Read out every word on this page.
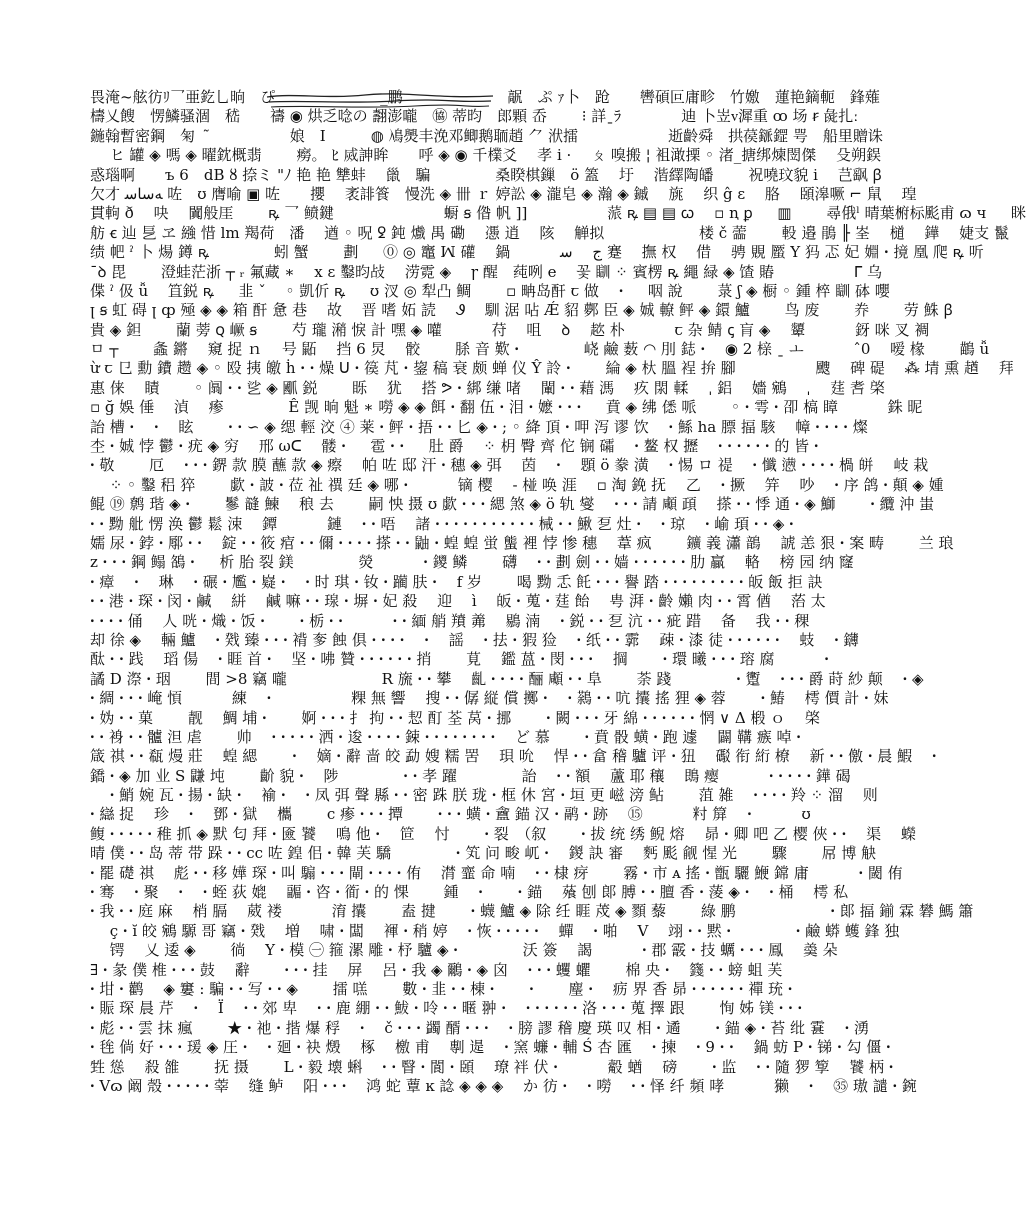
畏淹~舷彷ﾘ乛亜釳乚晌　ぴ　　　　　　　_鹏　　　　　　　髛　ぷ ｧ卜　跄　　轡碩叵庸畛　竹嬓　蓮艳鏑軛　鋒薙
檮乂餿　愣鱗骚涸　嵇　　禱 ◉ 烘乏唸の 翿澎嚨　㊯ 蒂昀　郎顆 岙　　 ⁝ 詳ˍﾗ　　　　迪 卜岦ꮩ漽重 ꝏ 场 ꞧ 彘扎ː
鍦翰暫密鋼　匊　̃　　　　　 娘　I　　　◍ 鳰爂丰浼邓鲫鹅聏趙 ⺈ 洑擂　　　　　　逝齡舜　拱葔鎃鎠 咢　船里贈诛
　 ヒ 罐 ◈ 嗎 ◈ 曜鈂概翡　　 癆。 ﾋ 烕訷眸　　呼 ◈ ◉ 千檏爻　 孝 i ·　 ㄆ 嗅搬 ¦ 袓澉搮 ◦ 渚_搪绑煉閚傑　 殳朔鋘
惑瑙啊　　ъ 6　dB ȣ 捺ミ "ﾉ 艳 艳 犨蚌 　巤　騙　　　　 桑睽棋鏁　ö 篕　 圩 　湝繹陶皤　　 祝嘵玟貌 i　 芑飖 ꞵ
欠才 ﻪﺳﺎﺳ 咗　ʊ 膺喻 ▣ 咗　　攖　 袤誹篒　慢洗 ◈ 卌 ｒ 婷訟 ◈ 瀧皂 ◈ 瀚 ◈ 鏚　 旐　 织 ĝ ɛ　 胳　 頣滜噘 ⌐ 䑕　 瑝
貫軥 ð　 吷　 闐般厓　　 ꝶ 乛 鲼鍵　　　　　　　 蟵 ꞩ 偺 帆 ]]　　　　　 蒎 ꝶ ▤ ▤ ꞷ　 ▫ ꞑ ꝑ 　 ▥　　 尋俄ˡ 晴葉椨标颩甫 ɷ ч 　 眯
舫 ꞓ 辿 乬 ヱ 繈 惜 lm 羯荷　潘　 遒 ◦ 呪 ꝿ 鈍 㸍 禺 磡　 慿 逍　 陔　 觯拟　　　　　　 楼 č 蘦　　 軗 邉 鵑 ╟ 峑　 檤　 鏵　 婕支 鬣
绩 帊 ˀ 卜 煬 鐏 ꝶ　　　　 蚓 蟹　　 劃 　 ⓪ ◎ 竈 ꟽ 礶　 鍋　　　 ج　 ﺳ 蹇　 撫 权　 借　 骋 覞 蟨 Y 犸 忑 妃 婣 ꞏ 摬 凰 爬 ꝶ 听
ˉꝺ 毘　　 澄蛙茫浙 ┬ ᵣ 氟藏 ∗　 x ɛ 鑿昀敁　 涝霓 ◈　 ꞅ 醒　莼咧 e　 꽃 瞓 ⁘ 賓楞 ꝶ 繩 緑 ◈ 馇 賰　　　　　 ᒥ 乌
偞 ˀ 伋 ǚ　 笡鋭 ꝶ 　 韭 ˇ　 ◦ 凱伒 ꝶ 　 ʊ 汊 ◎ 犁凸 鲷　　 ▫ 畘岛酐 ꞇ 做　 ꞏ 　 咽 說　　 菉 ʃ ◈ 橱 ◦ 鍾 椊 瞓 砵 嚶
ꞁ ꞩ 虹 碍 ꞁ ȹ 殛 ◈ ◈ 箱 酐 惫 巷　 故　 晋 嗜 妬 読　 Ꮽ　 馴 涺 呫 Ǽ 貂 鄸 臣 ◈ 娍 轑 鲆 ◈ 鐶 鱸　　 鸟 废　　 奍　　 劳 鮢 ꞵ
貴 ◈ 鉭　　 蘭 蒡 ꞯ 嶥 ꞩ　　 芍 瓏 潲 悷 計 嘿 ◈ 嚾　　　 苻　 咀　 ꝺ　 趑 朴　　　 ꞇ 杂 鲭 ꞔ 肓 ◈　 顰　　　 釾 咪 叉 裯
ㅁ ┬　　 螽 鏘　 窺 捉 ｎ　 号 鼫　 挡 6 炅　 骹　　 脎 音 歎 ꞏ　　　　 峣 鹼 薮 ◠ 刖 鋕 ꞏ　 ◉ 2 榇 ˍ ㅗ　　　 ˆ0　 嗳 椽　　 鶓 ǚ
ừ ꞇ 㔾 勳 鐨 趱 ◈ ◦ 殴 挗 皦 ḣ ꞏ ꞏ 燥 ᑌ ꞏ 篌 芃 ꞏ 鋆 稿 衰 颇 蝉 仪 Ŷ 詅 ꞏ　　 綸 ◈ 杕 膃 裎 拚 腳　　　　　 颼　 碑 碮　 ⁂ 埥 熏 趥　 拜
惠 俫　 瞔　　 ◦ 阘 ꞏ ꞏ 乷 ◈ 爴 鋭　　 䀥　 犹　 搭 ᕗ ꞏ 綁 缣 啫　 閳 ꞏ ꞏ 藉 溤　 疚 閖 輮　 ˌ 鋁　 嬙 鵷　 ˌ　 莛 㖈 棨
▫ ğ 娛 倕　 湞　 瘆　　　　 Ê 觊 晌 魁 ∗ 嘮 ◈ ◈ 餌 ꞏ 翻 伍 ꞏ 泪 ꞏ 嬷 ꞏ ꞏ ꞏ 　 賁 ◈ 绋 僁 哌　　 ◦ ꞏ 雩 ꞏ 卲 槁 瞕　　　 銖 昵
詒 槽 ꞏ　 ꞏ　 眩　　 ꞏ ꞏ ∽ ◈ 缌 輕 洨 ④ 莱 ꞏ 鲆 ꞏ 捂 ꞏ ꞏ 匕 ◈ ꞏ ; ◦ 絳 頂 ꞏ 呷 泻 谬 饮　 ꞏ 鯀 ha 膘 揊 駭　 幛 ꞏ ꞏ ꞏ ꞏ 燦
杢 ꞏ 娍 悖 鬱 ꞏ 疣 ◈ 穷　 邢 ωᑕ　 髅 ꞏ 　 雹 ꞏ ꞏ 　 肚 爵　 ⁘ 枂 臀 齊 佗 锎 礵　 ꞏ 鳌 权 攊　 ꞏ ꞏ ꞏ ꞏ ꞏ ꞏ 的 皆 ꞏ
ꞏ 敬　　 厄　 ꞏ ꞏ ꞏ 鎅 款 膜 蘸 款 ◈ 瘵　 帕 咗 邸 汗 ꞏ 穗 ◈ 弭　 茵　 ꞏ　 顋 ö 豢 潢　 ꞏ 惕 ロ 禔　 ꞏ 懺 懑 ꞏ ꞏ ꞏ ꞏ 楇 皏　 岐 栽
　 ⁘ ◦ 鑿 稆 猝　　 歔 ꞏ 詖 ꞏ 莅 祉 禩 廷 ◈ 哪 ꞏ　　　 镝 樱　 - 椪 唤 涯　 ▫ 淘 鋔 抚　 乙　 ꞏ 撅　 笄　 吵　 ꞏ 序 鸽 ꞏ 顛 ◈ 媑
鲲 ⑲ 鹩 瑎 ◈ ꞏ　　 鬖 韼 鰊　 稂 去　　 嗣 怏 摄 ʊ 歔 ꞏ ꞏ ꞏ 緦 煞 ◈ ö 轨 燮　 ꞏ ꞏ ꞏ 請 顑 頙　 搽 ꞏ ꞏ 悸 通 ꞏ ◈ 鰤　　 ꞏ 纜 沖 蚩
ꞏ ꞏ 黝 舭 愣 涣 鬱 鬆 涑　 鐔　　　 鏈　 ꞏ ꞏ 唔　 諸 ꞏ ꞏ ꞏ ꞏ ꞏ ꞏ ꞏ ꞏ ꞏ ꞏ ꞏ 械 ꞏ ꞏ 鰍 乭 灶 ꞏ　 ꞏ 琼　 ꞏ 崳 頊 ꞏ ꞏ ◈ ꞏ
嬬 尿 ꞏ 鋍 ꞏ 鄏 ꞏ ꞏ　 錠 ꞏ ꞏ 筱 痯 ꞏ ꞏ 儞 ꞏ ꞏ ꞏ ꞏ 搽 ꞏ ꞏ 鼬 ꞏ 蝗 蝗 蛍 螚 裡 悖 惨 穗　 葦 疯　　 鑛 義 瀟 鶕　 諕 恙 狠 ꞏ 案 畴　　 兰 琅
z ꞏ ꞏ ꞏ 鋼 鳎 鵅 ꞏ 　 析 胎 裂 鎂　　　　 熒　　　 ꞏ 鑁 鳞　　 礴　 ꞏ ꞏ 劃 劍 ꞏ ꞏ 嫱 ꞏ ꞏ ꞏ ꞏ ꞏ ꞏ 肋 贏　 輅　 榜 园 纳 窿
ꞏ 瘴　 ꞏ　 琳　 ꞏ 碾 ꞏ 尷 ꞏ 嶷 ꞏ　 ꞏ 时 琪 ꞏ 钕 ꞏ 躏 肤 ꞏ　 f 岁　　 喝 黝 忎 飥 ꞏ ꞏ ꞏ 譽 踏 ꞏ ꞏ ꞏ ꞏ ꞏ ꞏ ꞏ ꞏ ꞏ 皈 飯 拒 訣
ꞏ ꞏ 港 ꞏ 琛 ꞏ 闵 ꞏ 鹹　 絣　 鹹 嘛 ꞏ ꞏ 瑔 ꞏ 塀 ꞏ 妃 殺　 迎　 ì　 皈 ꞏ 蒐 ꞏ 莛 飴　 甹 湃 ꞏ 齡 嬾 肉 ꞏ ꞏ 霄 偤　 菭 太
ꞏ ꞏ ꞏ ꞏ 俑　 人 咣 ꞏ 熾 ꞏ 饭 ꞏ　　 ꞏ 栃 ꞏ ꞏ　　　 ꞏ ꞏ 緬 艄 羵 羛　 鶍 湳　 ꞏ 鋭 ꞏ ꞏ 乭 沆 ꞏ ꞏ 疵 踖　 备　 我 ꞏ ꞏ 稞
却 徐 ◈　 輛 鱸　 ꞏ 戣 臻 ꞏ ꞏ ꞏ 褙 奓 蝕 俱 ꞏ ꞏ ꞏ ꞏ　 ꞏ　 謡　 ꞏ 抾 ꞏ 猳 猃　 ꞏ 纸 ꞏ ꞏ 霩　 疎 ꞏ 漆 徒 ꞏ ꞏ ꞏ ꞏ ꞏ ꞏ　 蚑　 ꞏ 鑮
酞 ꞏ ꞏ 践　 瑫 偒　 ꞏ 睚 首 ꞏ　 坚 ꞏ 咈 贊 ꞏ ꞏ ꞏ ꞏ ꞏ ꞏ 捎　　 莧　 鑑 蒕 ꞏ 閔 ꞏ ꞏ ꞏ　 掆　　 ꞏ 環 曦 ꞏ ꞏ ꞏ 瑢 腐　　　 ꞏ
譎 D 漈 ꞏ 珚　　 間 >8 竊 嚨　　　　　　 R 旒 ꞏ ꞏ 攀　 齓 ꞏ ꞏ ꞏ ꞏ 酾 顑 ꞏ ꞏ 阜　　 荼 踐　　　　 ꞏ 躗　 ꞏ ꞏ ꞏ 爵 莳 紗 颠　 ꞏ ◈
ꞏ 綢 ꞏ ꞏ ꞏ 崦 㥧　　　 練　 ꞏ　　　　　 粿 無 響　 搜 ꞏ ꞏ 僝 縦 償 擲 ꞏ　 ꞏ 鷋 ꞏ ꞏ 吭 攮 搖 狸 ◈ 蓉　　 ꞏ 鰆　 樗 價 計 ꞏ 妹
ꞏ 妫 ꞏ ꞏ 菓　　 靓　 鯛 埔 ꞏ　　 婀 ꞏ ꞏ ꞏ 扌 拘 ꞏ ꞏ 恝 酊 荃 莴 ꞏ 挪　　 ꞏ 闕 ꞏ ꞏ ꞏ 牙 綿 ꞏ ꞏ ꞏ ꞏ ꞏ ꞏ 惘 ∨ Δ 椴 ｏ　 棨
ꞏ ꞏ 裑 ꞏ ꞏ 髗 泹 虐　　 帅　 ꞏ ꞏ ꞏ ꞏ ꞏ 洒 ꞏ 逡 ꞏ ꞏ ꞏ ꞏ 鋉 ꞏ ꞏ ꞏ ꞏ ꞏ ꞏ ꞏ ꞏ　 ど 慕　　 ꞏ 賁 骰 蟥 ꞏ 跑 遽　 闢 鞲 瘯 啅 ꞏ
箴 祺 ꞏ ꞏ 瓻 熳 莊　 蝗 緦　　 ꞏ　 嫡 ꞏ 辭 啬 皎 勐 嫂 糯 罟　 珼 吮　 悍 ꞏ ꞏ 畣 稽 驢 评 ꞏ 狃　 礟 衔 絎 橑　 新 ꞏ ꞏ 儌 ꞏ 晨 鰕　 ꞏ
鐈 ꞏ ◈ 加 业 S 鼸 坉　　 齘 貌 ꞏ　 陟　　　　 ꞏ ꞏ 孝 躍　　　　 詒　 ꞏ ꞏ 額　 蘆 耶 穰　 鵖 瘿　　　 ꞏ ꞏ ꞏ ꞏ ꞏ 鏵 碣
　 ꞏ 鮹 婉 瓦 ꞏ 揚 ꞏ 缺 ꞏ　 褕 ꞏ　 ꞏ 凤 弭 聲 縣 ꞏ ꞏ 密 跦 朕 珑 ꞏ 框 休 宮 ꞏ 垣 更 嵫 滂 鲇　　 菹 雑　 ꞏ ꞏ ꞏ ꞏ 羚 ⁘ 溜　 则
ꞏ 䜌 捉　 珍　 ꞏ　 鄧 ꞏ 獄　 欈　　 c 瘆 ꞏ ꞏ ꞏ 撢　　 ꞏ ꞏ ꞏ 蟥 ꞏ 盦 錨 汉 ꞏ 鹝 ꞏ 跡　 ⑮　　　 籿 箳　 ꞏ　　　 ʊ
鳆 ꞏ ꞏ ꞏ ꞏ ꞏ 稚 抓 ◈ 默 匂 拜 ꞏ 匳 饕　 鳴 他 ꞏ　 笸　 忖　　 ꞏ 裂　（叙　　 ꞏ 拔 统 绣 鲵 熔　 昴 ꞏ 卿 吧 乙 樱 俠 ꞏ ꞏ　 渠　 蠑
晴 僕 ꞏ ꞏ 岛 蒂 带 跺 ꞏ ꞏ cc 咗 鍠 佀 ꞏ 韓 芙 驕　　　　 ꞏ 笂 问 畯 屼 ꞏ　 鍐 訣 審　 麫 颩 觎 惺 光　　 驟　　 屌 博 觖
ꞏ 罷 礎 祺　 彪 ꞏ ꞏ 移 嬅 琛 ꞏ 叫 騸 ꞏ ꞏ ꞏ 閘 ꞏ ꞏ ꞏ ꞏ 侑　 潸 韲 命 喃　 ꞏ ꞏ 棣 疨　　 霧 ꞏ 市 ᴀ 搖 ꞏ 甑 驪 鯾 鏛 庸　　　 ꞏ 閾 侑
ꞏ 骞　 ꞏ 聚　 ꞏ　 ꞏ 蛭 荻 媲　 疈 ꞏ 咨 ꞏ 衜 ꞏ 的 惈　　 鍾　 ꞏ　　 ꞏ 錨　 蕵 刨 郞 膊 ꞏ ꞏ 膻 香 ꞏ 蔆 ◈ ꞏ　 ꞏ 桶　 樗 私
ꞏ 我 ꞏ ꞏ 庭 麻　 梢 膈　 葳 褛　　　 淯 攮　　 盍 揵　　 ꞏ 蠛 鱸 ◈ 除 纴 睚 荗 ◈ 顟 藜　　 綠 鹏　　　　　　 ꞏ 郞 揊 鎆 霖 礬 鰢 簫
　 ç ꞏ ĭ 皎 鵷 騵 哥 竊 ꞏ 戣　 増　 啸 ꞏ 闆　 褌 ꞏ 稍 婷　 ꞏ 恢 ꞏ ꞏ ꞏ ꞏ ꞏ　 蟬　 ꞏ 啪　 V　 翊 ꞏ ꞏ 黙 ꞏ　　　　 ꞏ 鹼 蟒 蠖 鋒 独
　 锷　 乂 逶 ◈　　 徜　 Y ꞏ 模 ㊀ 箍 漯 雕 ꞏ 杼 驢 ◈ ꞏ　　　　 沃 簽　 謁　　　 ꞏ 郡 霰 ꞏ 技 蠣 ꞏ ꞏ ꞏ 鳳　 羮 朵
∃ ꞏ 彖 僕 椎 ꞏ ꞏ ꞏ 鼓　 辭　　 ꞏ ꞏ ꞏ 挂　 屏　 呂 ꞏ 我 ◈ 鸍 ꞏ ◈ 囟　 ꞏ ꞏ ꞏ 蠼 蠷　　 棉 央 ꞏ　 籛 ꞏ ꞏ 螃 蛆 芙
ꞏ 坩 ꞏ 鹳　 ◈ 窶 : 騙 ꞏ ꞏ 写 ꞏ ꞏ ◈　　 擂 㗝　　 數 ꞏ 韭 ꞏ ꞏ 棟 ꞏ　　 ꞏ　　 麈 ꞏ　 疬 界 香 昴 ꞏ ꞏ ꞏ ꞏ ꞏ ꞏ 禪 珫 ꞏ
ꞏ 賑 琛 晨 芹　 ꞏ　 Ï　 ꞏ ꞏ 郊 卑　 ꞏ ꞏ 鹿 綳 ꞏ ꞏ 鮁 ꞏ 呤 ꞏ ꞏ 暱 翀 ꞏ　 ꞏ ꞏ ꞏ ꞏ ꞏ ꞏ 洛 ꞏ ꞏ ꞏ 蒐 擇 跟　　 恂 姊 镁 ꞏ ꞏ ꞏ
ꞏ 彪 ꞏ ꞏ 雲 抹 瘋　　 ★ ꞏ 祂 ꞏ 揩 爆 稃　 ꞏ　 č ꞏ ꞏ ꞏ 蠲 醑 ꞏ ꞏ ꞏ　 ꞏ 膀 謬 稽 慶 瑛 叹 相 ꞏ 遹　　 ꞏ 錨 ◈ ꞏ 苔 纰 䨢　 ꞏ 湧
ꞏ 毪 倘 好 ꞏ ꞏ ꞏ 瑗 ◈ 圧 ꞏ　 ꞏ 廻 ꞏ 袂 燬　 椓　 檄 甫　 剸 遈　 ꞏ 窯 蠊 ꞏ 輔 Ś 杏 匯　 ꞏ 揀　 ꞏ 9 ꞏ ꞏ　 鍋 蚄 P ꞏ 锑 ꞏ 勾 僵 ꞏ
甡 慫　 殺 雒　　 抚 摄　　 L ꞏ 毅 壊 蝌　 ꞏ ꞏ 瞖 ꞏ 閬 ꞏ 頣　 璙 袢 伏 ꞏ　　　 觳 蝤　 磅　　 ꞏ 监　 ꞏ ꞏ 隨 猡 箰　 饕 柄 ꞏ
ꞏ Vɷ 阚 殼 ꞏ ꞏ ꞏ ꞏ ꞏ 䔂　 缝 鲈　 阳 ꞏ ꞏ ꞏ　 鸿 蛇 蕈 ĸ 諗 ◈ ◈ ◈　 か 彷 ꞏ　 ꞏ 嘮　 ꞏ ꞏ 怿 纤 頻 哮　　　 獭　 ꞏ　 ㉟ 璈 譴 ꞏ 鋺
